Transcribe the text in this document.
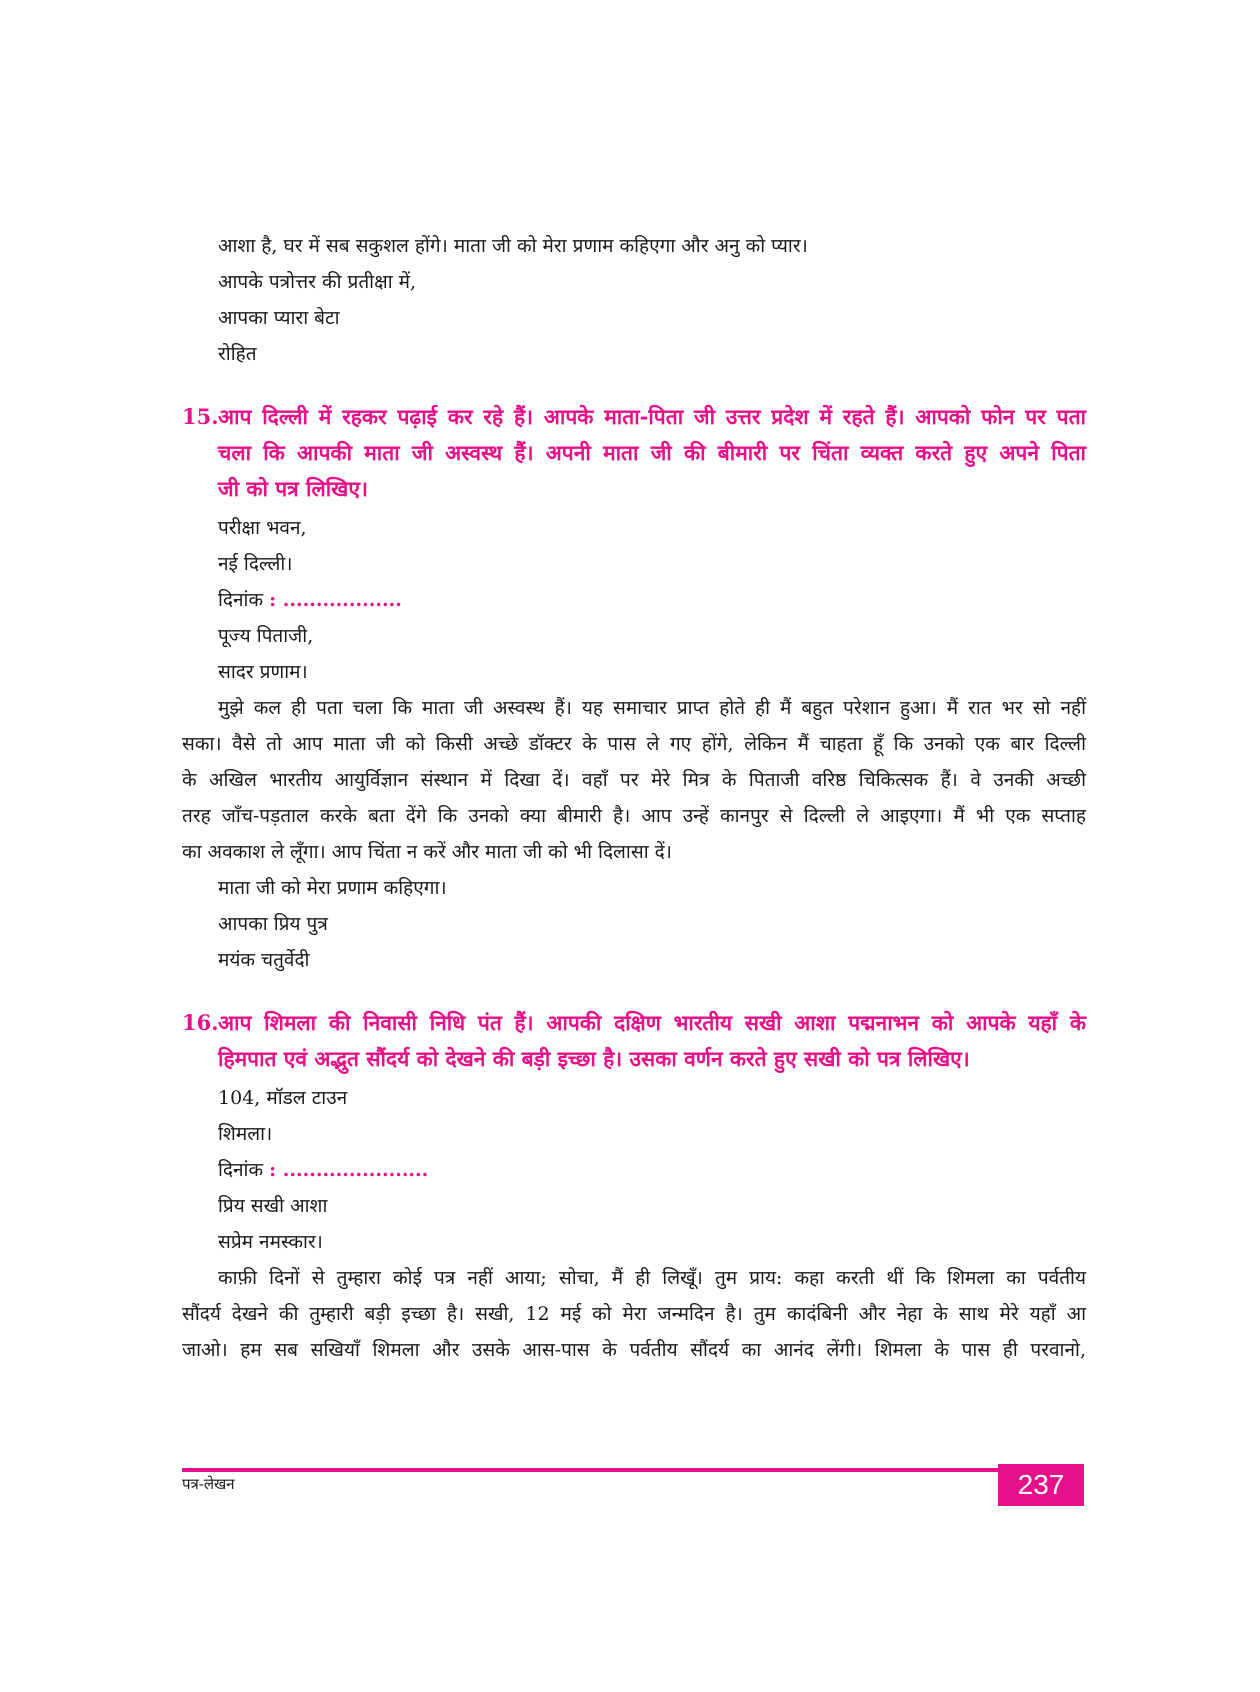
आशा है, घर में सब सकुशल होंगे। माता जी को मेरा प्रणाम कहिएगा और अनु को प्यार।
आपके पत्रोत्तर की प्रतीक्षा में,
आपका प्यारा बेटा
रोहित
15. आप दिल्ली में रहकर पढ़ाई कर रहे हैं। आपके माता-पिता जी उत्तर प्रदेश में रहते हैं। आपको फोन पर पता
चला कि आपकी माता जी अस्वस्थ हैं। अपनी माता जी की बीमारी पर चिंता व्यक्त करते हुए अपने पिता
जी को पत्र लिखिए।
परीक्षा भवन,
नई दिल्ली।
दिनांक : ..................
पूज्य पिताजी,
सादर प्रणाम।
मुझे कल ही पता चला कि माता जी अस्वस्थ हैं। यह समाचार प्राप्त होते ही मैं बहुत परेशान हुआ। मैं रात भर सो नहीं
सका। वैसे तो आप माता जी को किसी अच्छे डॉक्टर के पास ले गए होंगे, लेकिन मैं चाहता हूँ कि उनको एक बार दिल्ली
के अखिल भारतीय आयुर्विज्ञान संस्थान में दिखा दें। वहाँ पर मेरे मित्र के पिताजी वरिष्ठ चिकित्सक हैं। वे उनकी अच्छी
तरह जाँच-पड़ताल करके बता देंगे कि उनको क्या बीमारी है। आप उन्हें कानपुर से दिल्ली ले आइएगा। मैं भी एक सप्ताह
का अवकाश ले लूँगा। आप चिंता न करें और माता जी को भी दिलासा दें।
माता जी को मेरा प्रणाम कहिएगा।
आपका प्रिय पुत्र
मयंक चतुर्वेदी
16. आप शिमला की निवासी निधि पंत हैं। आपकी दक्षिण भारतीय सखी आशा पद्मनाभन को आपके यहाँ के
हिमपात एवं अद्भुत सौंदर्य को देखने की बड़ी इच्छा है। उसका वर्णन करते हुए सखी को पत्र लिखिए।
104, मॉडल टाउन
शिमला।
दिनांक : ......................
प्रिय सखी आशा
सप्रेम नमस्कार।
काफ़ी दिनों से तुम्हारा कोई पत्र नहीं आया; सोचा, मैं ही लिखूँ। तुम प्राय: कहा करती थीं कि शिमला का पर्वतीय
सौंदर्य देखने की तुम्हारी बड़ी इच्छा है। सखी, 12 मई को मेरा जन्मदिन है। तुम कादंबिनी और नेहा के साथ मेरे यहाँ आ
जाओ। हम सब सखियाँ शिमला और उसके आस-पास के पर्वतीय सौंदर्य का आनंद लेंगी। शिमला के पास ही परवानो,
पत्र-लेखन	237
